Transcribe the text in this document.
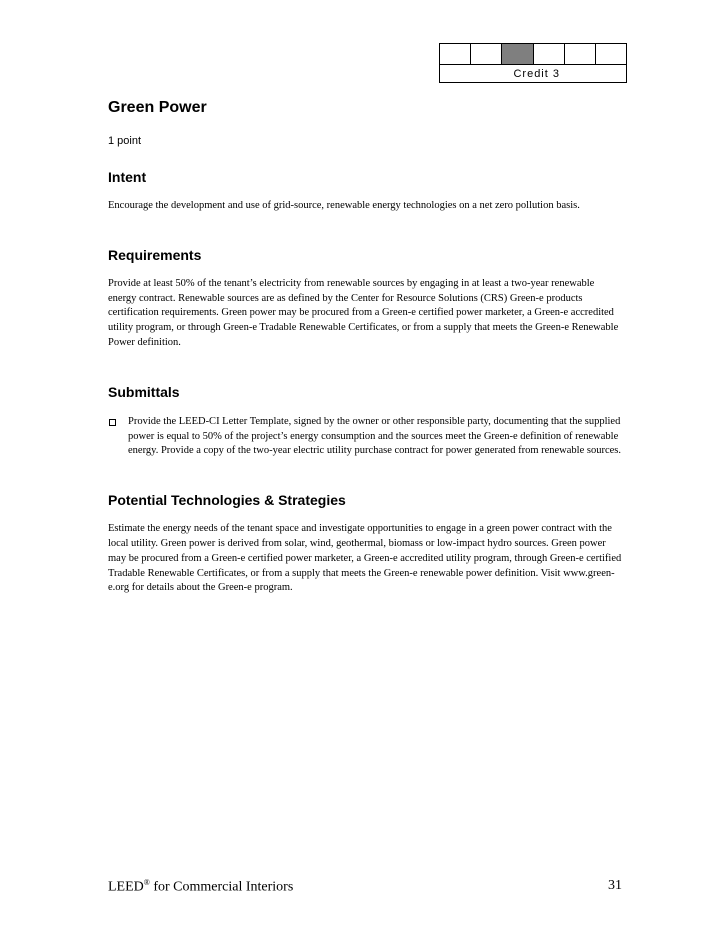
Credit 3
Green Power
1 point
Intent

Encourage the development and use of grid-source, renewable energy technologies on a net zero pollution basis.

Requirements

Provide at least 50% of the tenant’s electricity from renewable sources by engaging in at least a two-year renewable energy contract. Renewable sources are as defined by the Center for Resource Solutions (CRS) Green-e products certification requirements. Green power may be procured from a Green-e certified power marketer, a Green-e accredited utility program, or through Green-e Tradable Renewable Certificates, or from a supply that meets the Green-e Renewable Power definition.

Submittals
Provide the LEED-CI Letter Template, signed by the owner or other responsible party, documenting that the supplied power is equal to 50% of the project’s energy consumption and the sources meet the Green-e definition of renewable energy. Provide a copy of the two-year electric utility purchase contract for power generated from renewable sources.
Potential Technologies & Strategies

Estimate the energy needs of the tenant space and investigate opportunities to engage in a green power contract with the local utility. Green power is derived from solar, wind, geothermal, biomass or low-impact hydro sources. Green power may be procured from a Green-e certified power marketer, a Green-e accredited utility program, through Green-e certified Tradable Renewable Certificates, or from a supply that meets the Green-e renewable power definition. Visit www.green-e.org for details about the Green-e program.

LEED® for Commercial Interiors	31
